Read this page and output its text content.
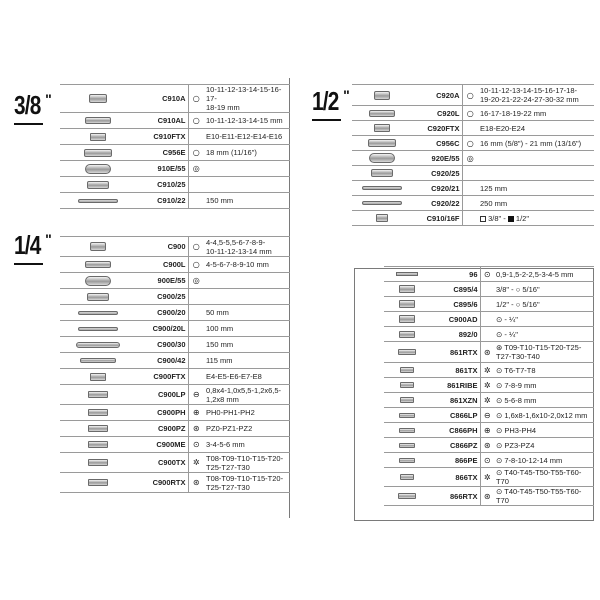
3/8 "	1/2 "
1/4 "
	C910A	○	10-11-12-13-14-15-16-17-
18-19 mm
	C910AL	○	10-11-12-13-14-15 mm
	C910FTX		E10-E11-E12-E14-E16
	C956E	○	18 mm (11/16")
	910E/55	◎	
	C910/25		
	C910/22		150 mm
	C920A	○	10-11-12-13-14-15-16-17-18-
19-20-21-22-24-27-30-32 mm
	C920L	○	16-17-18-19-22 mm
	C920FTX		E18-E20-E24
	C956C	○	16 mm (5/8") - 21 mm (13/16")
	920E/55	◎	
	C920/25		
	C920/21		125 mm
	C920/22		250 mm
	C910/16F		3/8" -  1/2"
	C900	○	4-4,5-5,5-6-7-8-9-
10-11-12-13-14 mm
	C900L	○	4-5-6-7-8-9-10 mm
	900E/55	◎	
	C900/25		
	C900/20		50 mm
	C900/20L		100 mm
	C900/30		150 mm
	C900/42		115 mm
	C900FTX		E4-E5-E6-E7-E8
	C900LP	⊖	0,8x4-1,0x5,5-1,2x6,5-
1,2x8 mm
	C900PH	⊕	PH0-PH1-PH2
	C900PZ	⊛	PZ0-PZ1-PZ2
	C900ME	⊙	3-4-5-6 mm
	C900TX	✲	T08-T09-T10-T15-T20-
T25-T27-T30
	C900RTX	⊛	T08-T09-T10-T15-T20-
T25-T27-T30
	96	⊙	0,9-1,5-2-2,5-3-4-5 mm
	C895/4		3/8" - ○ 5/16"
	C895/6		1/2" - ○ 5/16"
	C900AD		⊙ - ¼"
	892/0		⊙ - ¼"
	861RTX	⊛	⊛ T09-T10-T15-T20-T25-
T27-T30-T40
	861TX	✲	⊙ T6-T7-T8
	861RIBE	✲	⊙ 7-8-9 mm
	861XZN	✲	⊙ 5-6-8 mm
	C866LP	⊖	⊙ 1,6x8-1,6x10-2,0x12 mm
	C866PH	⊕	⊙ PH3-PH4
	C866PZ	⊛	⊙ PZ3-PZ4
	866PE	⊙	⊙ 7-8-10-12-14 mm
	866TX	✲	⊙ T40-T45-T50-T55-T60-T70
	866RTX	⊛	⊙ T40-T45-T50-T55-T60-T70
